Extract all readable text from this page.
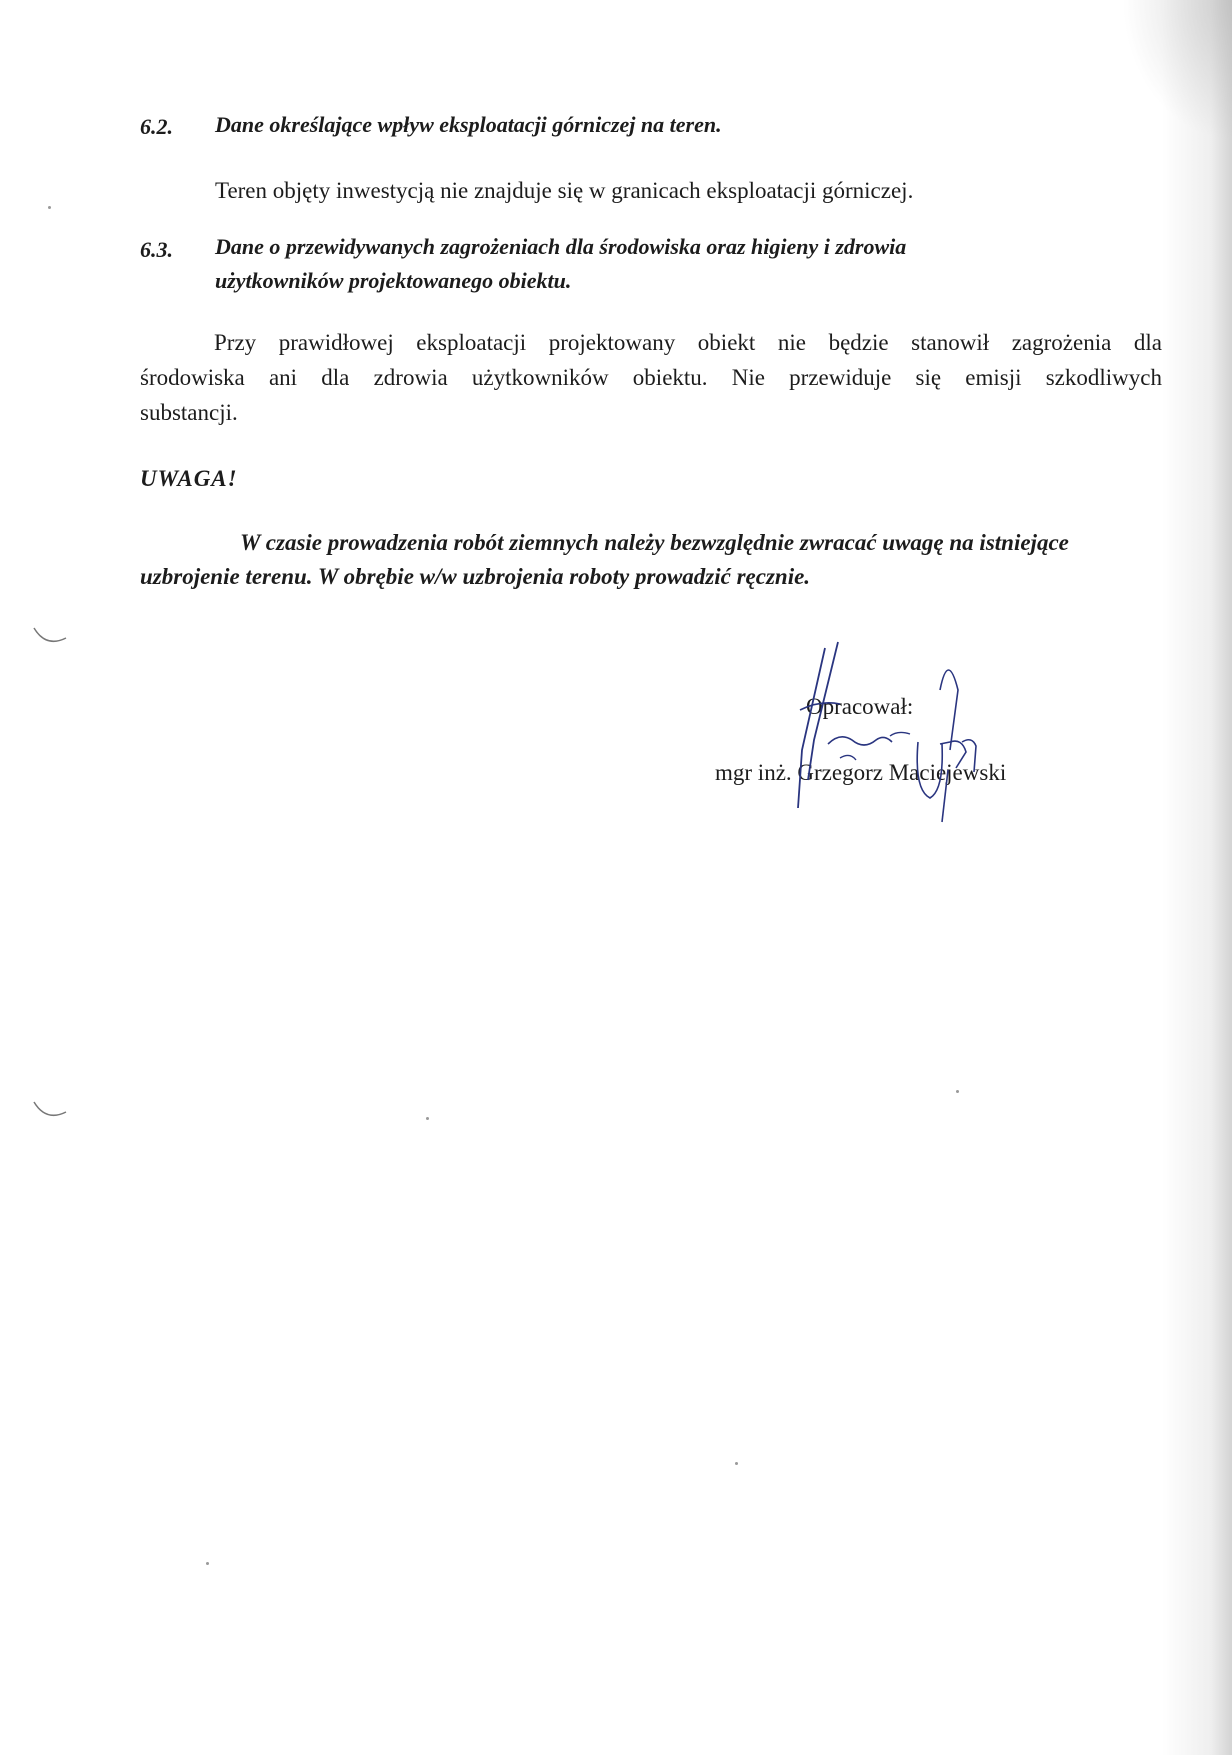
6.2. Dane określające wpływ eksploatacji górniczej na teren.
Teren objęty inwestycją nie znajduje się w granicach eksploatacji górniczej.
6.3. Dane o przewidywanych zagrożeniach dla środowiska oraz higieny i zdrowia
użytkowników projektowanego obiektu.
Przy prawidłowej eksploatacji projektowany obiekt nie będzie stanowił zagrożenia dla
środowiska ani dla zdrowia użytkowników obiektu. Nie przewiduje się emisji szkodliwych
substancji.
UWAGA!
W czasie prowadzenia robót ziemnych należy bezwzględnie zwracać uwagę na istniejące
uzbrojenie terenu. W obrębie w/w uzbrojenia roboty prowadzić ręcznie.
Opracował:
mgr inż. Grzegorz Maciejewski
